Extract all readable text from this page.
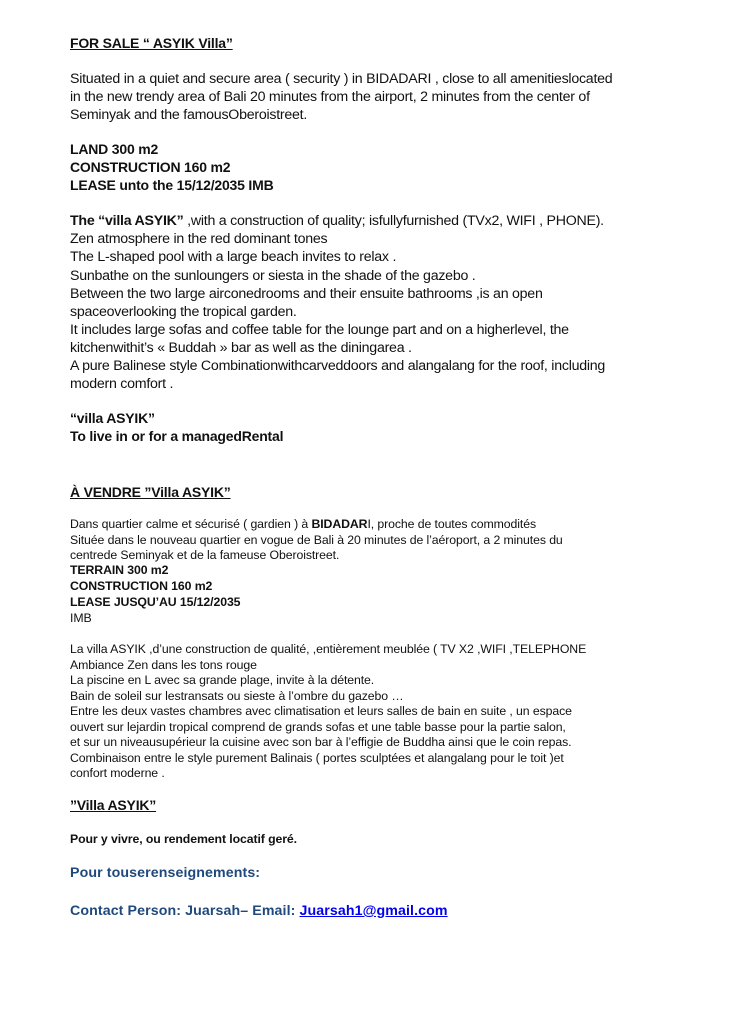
FOR SALE “ ASYIK Villa”
Situated in a quiet and secure area ( security ) in BIDADARI , close to all amenitieslocated
in the new trendy area of Bali 20 minutes from the airport, 2 minutes from the center of
Seminyak and the famousOberoistreet.
LAND 300 m2
CONSTRUCTION 160 m2
LEASE unto the 15/12/2035 IMB
The “villa ASYIK” ,with a construction of quality; isfullyfurnished (TVx2, WIFI , PHONE).
Zen atmosphere in the red dominant tones
The L-shaped pool with a large beach invites to relax .
Sunbathe on the sunloungers or siesta in the shade of the gazebo .
Between the two large airconedrooms and their ensuite bathrooms ,is an open
spaceoverlooking the tropical garden.
It includes large sofas and coffee table for the lounge part and on a higherlevel, the
kitchenwithit’s « Buddah » bar as well as the diningarea .
A pure Balinese style Combinationwithcarveddoors and alangalang for the roof, including
modern comfort .
“villa ASYIK”
To live in or for a managedRental
À VENDRE ”Villa ASYIK”
Dans quartier calme et sécurisé ( gardien ) à BIDADARI, proche de toutes commodités
Située dans le nouveau quartier en vogue de Bali à 20 minutes de l’aéroport, a 2 minutes du
centrede Seminyak et de la fameuse Oberoistreet.
TERRAIN 300 m2
CONSTRUCTION 160 m2
LEASE JUSQU’AU 15/12/2035
IMB
La villa ASYIK ,d’une construction de qualité, ,entièrement meublée ( TV X2 ,WIFI ,TELEPHONE
Ambiance Zen dans les tons rouge
La piscine en L avec sa grande plage, invite à la détente.
Bain de soleil sur lestransats ou sieste à l’ombre du gazebo …
Entre les deux vastes chambres avec climatisation et leurs salles de bain en suite , un espace
ouvert sur lejardin tropical comprend de grands sofas et une table basse pour la partie salon,
et sur un niveausupérieur la cuisine avec son bar à l’effigie de Buddha ainsi que le coin repas.
Combinaison entre le style purement Balinais ( portes sculptées et alangalang pour le toit )et
confort moderne .
”Villa ASYIK”
Pour y vivre, ou rendement locatif geré.
Pour touserenseignements:
Contact Person: Juarsah– Email: Juarsah1@gmail.com
